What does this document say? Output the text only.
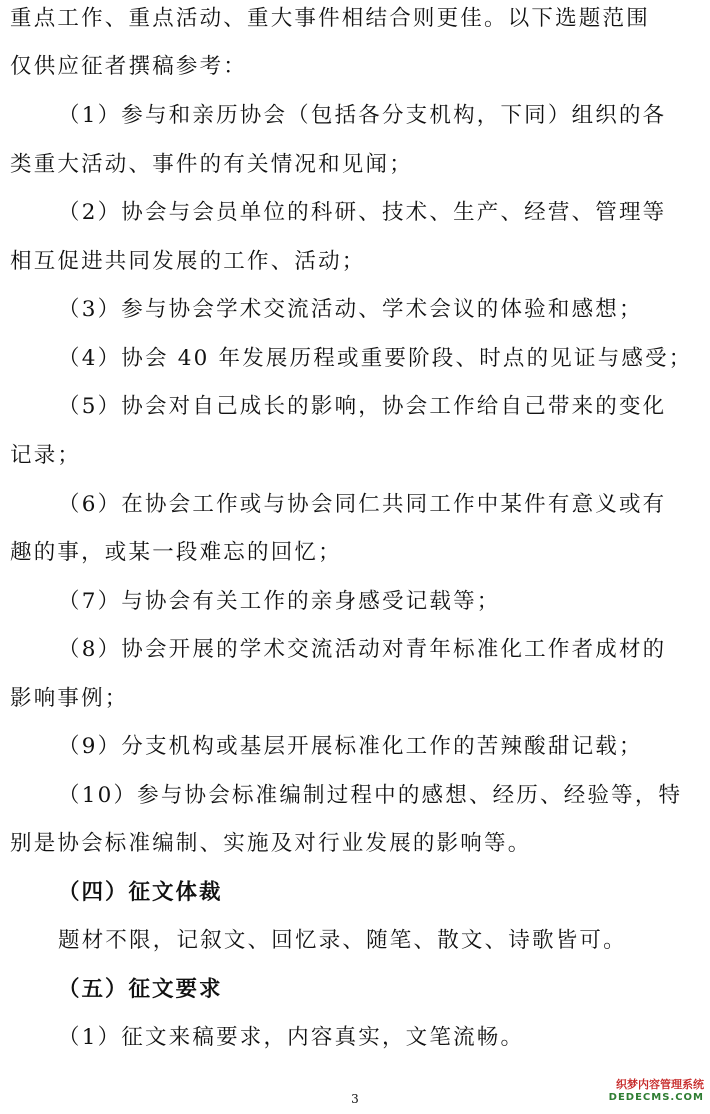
重点工作、重点活动、重大事件相结合则更佳。以下选题范围
仅供应征者撰稿参考：
（1）参与和亲历协会（包括各分支机构，下同）组织的各
类重大活动、事件的有关情况和见闻；
（2）协会与会员单位的科研、技术、生产、经营、管理等
相互促进共同发展的工作、活动；
（3）参与协会学术交流活动、学术会议的体验和感想；
（4）协会 40 年发展历程或重要阶段、时点的见证与感受；
（5）协会对自己成长的影响，协会工作给自己带来的变化
记录；
（6）在协会工作或与协会同仁共同工作中某件有意义或有
趣的事，或某一段难忘的回忆；
（7）与协会有关工作的亲身感受记载等；
（8）协会开展的学术交流活动对青年标准化工作者成材的
影响事例；
（9）分支机构或基层开展标准化工作的苦辣酸甜记载；
（10）参与协会标准编制过程中的感想、经历、经验等，特
别是协会标准编制、实施及对行业发展的影响等。
（四）征文体裁
题材不限，记叙文、回忆录、随笔、散文、诗歌皆可。
（五）征文要求
（1）征文来稿要求，内容真实，文笔流畅。
3
织梦内容管理系统
DEDECMS.COM
